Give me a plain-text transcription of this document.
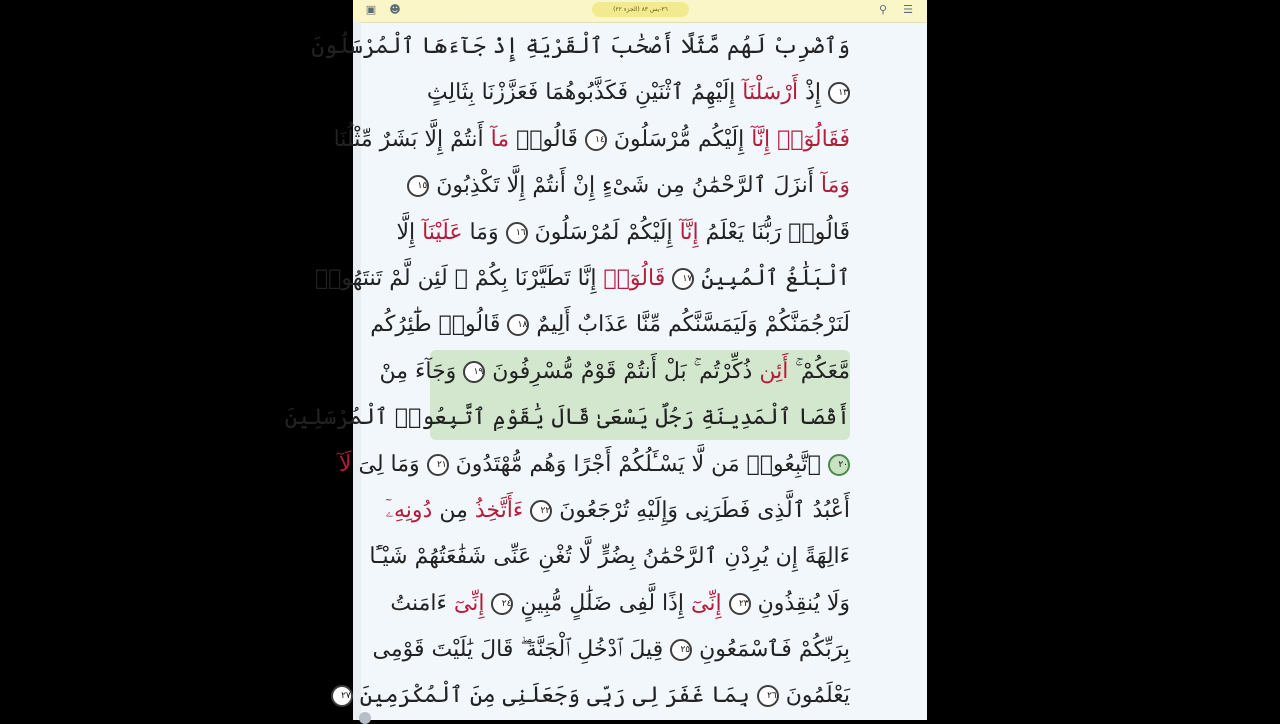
▣ ☻	٣٦-يس ٨٣ (الجزء ٢٢)	⚲ ☰
وَٱضْرِبْ لَهُم مَّثَلًا أَصْحَٰبَ ٱلْقَرْيَةِ إِذْ جَآءَهَا ٱلْمُرْسَلُونَ
١٣ إِذْ أَرْسَلْنَآ إِلَيْهِمُ ٱثْنَيْنِ فَكَذَّبُوهُمَا فَعَزَّزْنَا بِثَالِثٍ
فَقَالُوٓا۟ إِنَّآ إِلَيْكُم مُّرْسَلُونَ ١٤ قَالُوا۟ مَآ أَنتُمْ إِلَّا بَشَرٌ مِّثْلُنَا
وَمَآ أَنزَلَ ٱلرَّحْمَٰنُ مِن شَىْءٍ إِنْ أَنتُمْ إِلَّا تَكْذِبُونَ ١٥
قَالُوا۟ رَبُّنَا يَعْلَمُ إِنَّآ إِلَيْكُمْ لَمُرْسَلُونَ ١٦ وَمَا عَلَيْنَآ إِلَّا
ٱلْبَلَٰغُ ٱلْمُبِينُ ١٧ قَالُوٓا۟ إِنَّا تَطَيَّرْنَا بِكُمْ ۖ لَئِن لَّمْ تَنتَهُوا۟
لَنَرْجُمَنَّكُمْ وَلَيَمَسَّنَّكُم مِّنَّا عَذَابٌ أَلِيمٌ ١٨ قَالُوا۟ طَٰٓئِرُكُم
مَّعَكُمْ ۚ أَئِن ذُكِّرْتُم ۚ بَلْ أَنتُمْ قَوْمٌ مُّسْرِفُونَ ١٩ وَجَآءَ مِنْ
أَقْصَا ٱلْمَدِينَةِ رَجُلٌ يَسْعَىٰ قَالَ يَٰقَوْمِ ٱتَّبِعُوا۟ ٱلْمُرْسَلِينَ
٢٠ ٱتَّبِعُوا۟ مَن لَّا يَسْـَٔلُكُمْ أَجْرًا وَهُم مُّهْتَدُونَ ٢١ وَمَا لِىَ لَآ
أَعْبُدُ ٱلَّذِى فَطَرَنِى وَإِلَيْهِ تُرْجَعُونَ ٢٢ ءَأَتَّخِذُ مِن دُونِهِۦٓ
ءَالِهَةً إِن يُرِدْنِ ٱلرَّحْمَٰنُ بِضُرٍّ لَّا تُغْنِ عَنِّى شَفَٰعَتُهُمْ شَيْـًٔا
وَلَا يُنقِذُونِ ٢٣ إِنِّىٓ إِذًا لَّفِى ضَلَٰلٍ مُّبِينٍ ٢٤ إِنِّىٓ ءَامَنتُ
بِرَبِّكُمْ فَٱسْمَعُونِ ٢٥ قِيلَ ٱدْخُلِ ٱلْجَنَّةَ ۖ قَالَ يَٰلَيْتَ قَوْمِى
يَعْلَمُونَ ٢٦ بِمَا غَفَرَ لِى رَبِّى وَجَعَلَنِى مِنَ ٱلْمُكْرَمِينَ ٢٧
